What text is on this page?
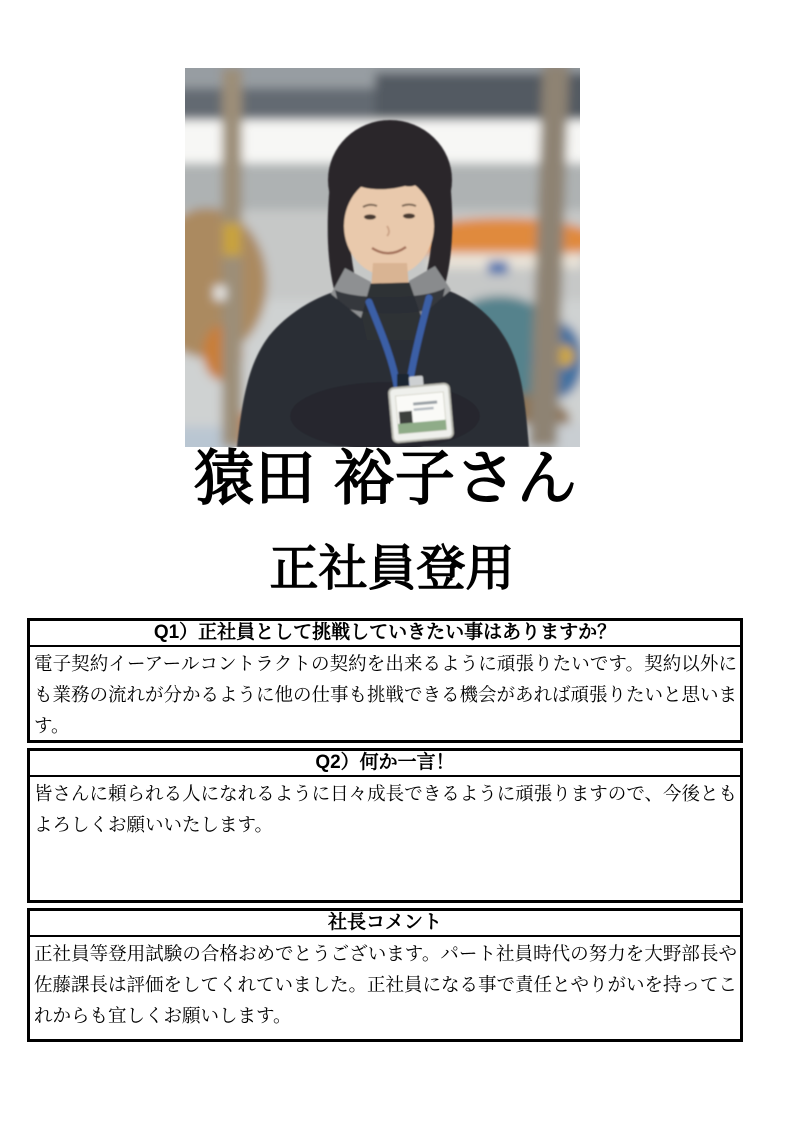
猿田 裕子さん
正社員登用
Q1）正社員として挑戦していきたい事はありますか？
電子契約イーアールコントラクトの契約を出来るように頑張りたいです。契約以外にも業務の流れが分かるように他の仕事も挑戦できる機会があれば頑張りたいと思います。
Q2）何か一言！
皆さんに頼られる人になれるように日々成長できるように頑張りますので、今後ともよろしくお願いいたします。
社長コメント
正社員等登用試験の合格おめでとうございます。パート社員時代の努力を大野部長や佐藤課長は評価をしてくれていました。正社員になる事で責任とやりがいを持ってこれからも宜しくお願いします。
